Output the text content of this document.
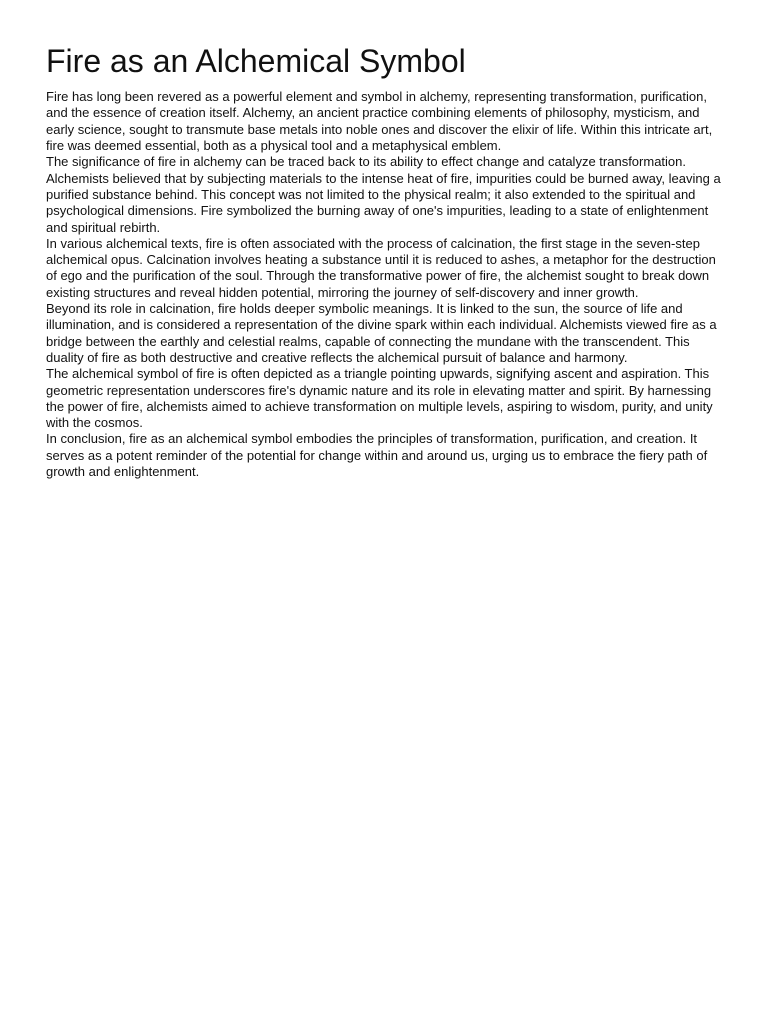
Fire as an Alchemical Symbol

Fire has long been revered as a powerful element and symbol in alchemy, representing transformation, purification, and the essence of creation itself. Alchemy, an ancient practice combining elements of philosophy, mysticism, and early science, sought to transmute base metals into noble ones and discover the elixir of life. Within this intricate art, fire was deemed essential, both as a physical tool and a metaphysical emblem.

The significance of fire in alchemy can be traced back to its ability to effect change and catalyze transformation. Alchemists believed that by subjecting materials to the intense heat of fire, impurities could be burned away, leaving a purified substance behind. This concept was not limited to the physical realm; it also extended to the spiritual and psychological dimensions. Fire symbolized the burning away of one's impurities, leading to a state of enlightenment and spiritual rebirth.

In various alchemical texts, fire is often associated with the process of calcination, the first stage in the seven-step alchemical opus. Calcination involves heating a substance until it is reduced to ashes, a metaphor for the destruction of ego and the purification of the soul. Through the transformative power of fire, the alchemist sought to break down existing structures and reveal hidden potential, mirroring the journey of self-discovery and inner growth.

Beyond its role in calcination, fire holds deeper symbolic meanings. It is linked to the sun, the source of life and illumination, and is considered a representation of the divine spark within each individual. Alchemists viewed fire as a bridge between the earthly and celestial realms, capable of connecting the mundane with the transcendent. This duality of fire as both destructive and creative reflects the alchemical pursuit of balance and harmony.

The alchemical symbol of fire is often depicted as a triangle pointing upwards, signifying ascent and aspiration. This geometric representation underscores fire's dynamic nature and its role in elevating matter and spirit. By harnessing the power of fire, alchemists aimed to achieve transformation on multiple levels, aspiring to wisdom, purity, and unity with the cosmos.

In conclusion, fire as an alchemical symbol embodies the principles of transformation, purification, and creation. It serves as a potent reminder of the potential for change within and around us, urging us to embrace the fiery path of growth and enlightenment.
